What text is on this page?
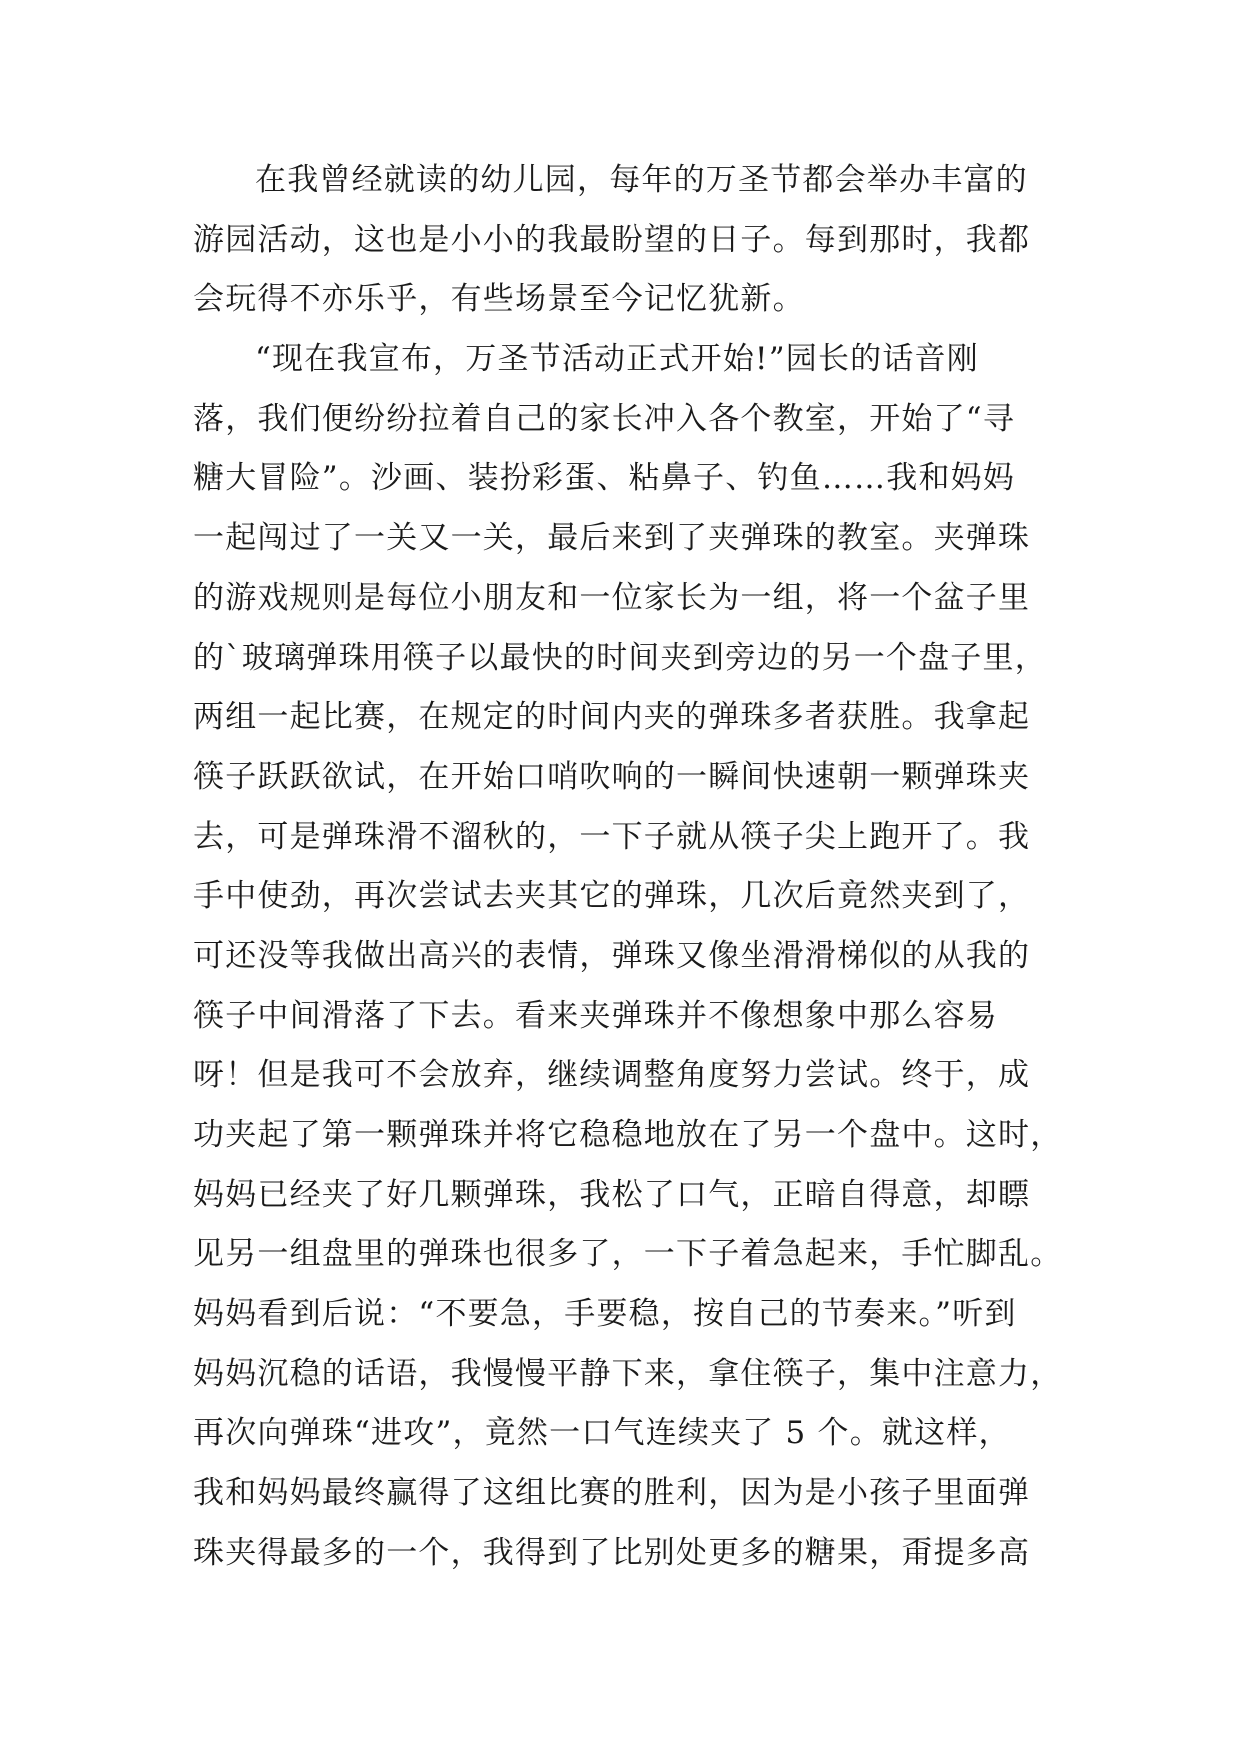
在我曾经就读的幼儿园，每年的万圣节都会举办丰富的
游园活动，这也是小小的我最盼望的日子。每到那时，我都
会玩得不亦乐乎，有些场景至今记忆犹新。
“现在我宣布，万圣节活动正式开始!”园长的话音刚
落，我们便纷纷拉着自己的家长冲入各个教室，开始了“寻
糖大冒险”。沙画、装扮彩蛋、粘鼻子、钓鱼……我和妈妈
一起闯过了一关又一关，最后来到了夹弹珠的教室。夹弹珠
的游戏规则是每位小朋友和一位家长为一组，将一个盆子里
的`玻璃弹珠用筷子以最快的时间夹到旁边的另一个盘子里，
两组一起比赛，在规定的时间内夹的弹珠多者获胜。我拿起
筷子跃跃欲试，在开始口哨吹响的一瞬间快速朝一颗弹珠夹
去，可是弹珠滑不溜秋的，一下子就从筷子尖上跑开了。我
手中使劲，再次尝试去夹其它的弹珠，几次后竟然夹到了，
可还没等我做出高兴的表情，弹珠又像坐滑滑梯似的从我的
筷子中间滑落了下去。看来夹弹珠并不像想象中那么容易
呀！但是我可不会放弃，继续调整角度努力尝试。终于，成
功夹起了第一颗弹珠并将它稳稳地放在了另一个盘中。这时，
妈妈已经夹了好几颗弹珠，我松了口气，正暗自得意，却瞟
见另一组盘里的弹珠也很多了，一下子着急起来，手忙脚乱。
妈妈看到后说：“不要急，手要稳，按自己的节奏来。”听到
妈妈沉稳的话语，我慢慢平静下来，拿住筷子，集中注意力，
再次向弹珠“进攻”，竟然一口气连续夹了 5 个。就这样，
我和妈妈最终赢得了这组比赛的胜利，因为是小孩子里面弹
珠夹得最多的一个，我得到了比别处更多的糖果，甭提多高
